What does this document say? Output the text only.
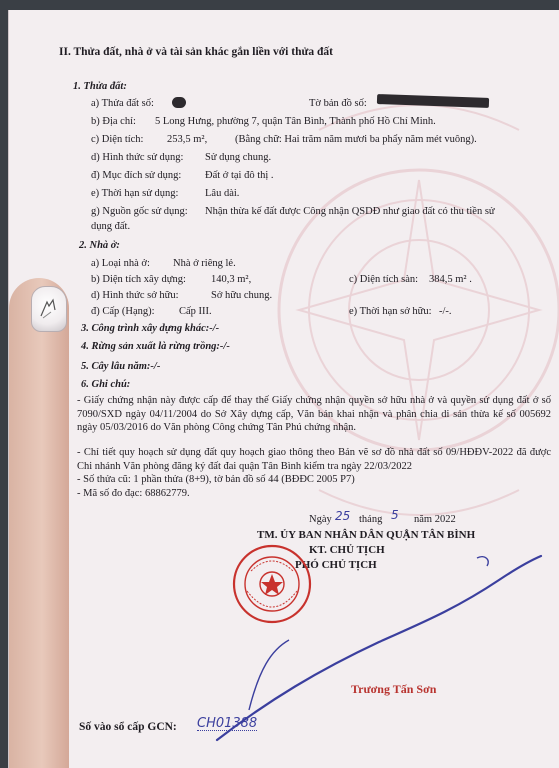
II. Thửa đất, nhà ở và tài sản khác gắn liền với thửa đất
1. Thửa đất:
a) Thửa đất số:	Tờ bản đồ số:
b) Địa chỉ: 5 Long Hưng, phường 7, quận Tân Bình, Thành phố Hồ Chí Minh.
c) Diện tích: 253,5 m²,	(Bằng chữ: Hai trăm năm mươi ba phẩy năm mét vuông).
d) Hình thức sử dụng: Sử dụng chung.
đ) Mục đích sử dụng: Đất ở tại đô thị .
e) Thời hạn sử dụng:	Lâu dài.
g) Nguồn gốc sử dụng: Nhận thừa kế đất được Công nhận QSDĐ như giao đất có thu tiền sử
dụng đất.
2. Nhà ở:
a) Loại nhà ở: Nhà ở riêng lẻ.
b) Diện tích xây dựng: 140,3 m²,	c) Diện tích sàn: 384,5 m² .
d) Hình thức sở hữu:	Sở hữu chung.
đ) Cấp (Hạng): Cấp III.	e) Thời hạn sở hữu: -/-.
3. Công trình xây dựng khác:-/-
4. Rừng sản xuất là rừng trồng:-/-
5. Cây lâu năm:-/-
6. Ghi chú:
- Giấy chứng nhận này được cấp để thay thế Giấy chứng nhận quyền sở hữu nhà ở và quyền sử dụng đất ở số 7090/SXD ngày 04/11/2004 do Sở Xây dựng cấp, Văn bản khai nhận và phân chia di sản thừa kế số 005692 ngày 05/03/2016 do Văn phòng Công chứng Tân Phú chứng nhận.
- Chỉ tiết quy hoạch sử dụng đất quy hoạch giao thông theo Bản vẽ sơ đồ nhà đất số 09/HĐĐV-2022 đã được Chi nhánh Văn phòng đăng ký đất đai quận Tân Bình kiểm tra ngày 22/03/2022
- Số thửa cũ: 1 phần thửa (8+9), tờ bản đồ số 44 (BĐĐC 2005 P7)
- Mã số đo đạc: 68862779.
Ngày 25 tháng 5 năm 2022
TM. ỦY BAN NHÂN DÂN QUẬN TÂN BÌNH
KT. CHỦ TỊCH
PHÓ CHỦ TỊCH
Trương Tấn Sơn
Số vào sổ cấp GCN: CH01388
